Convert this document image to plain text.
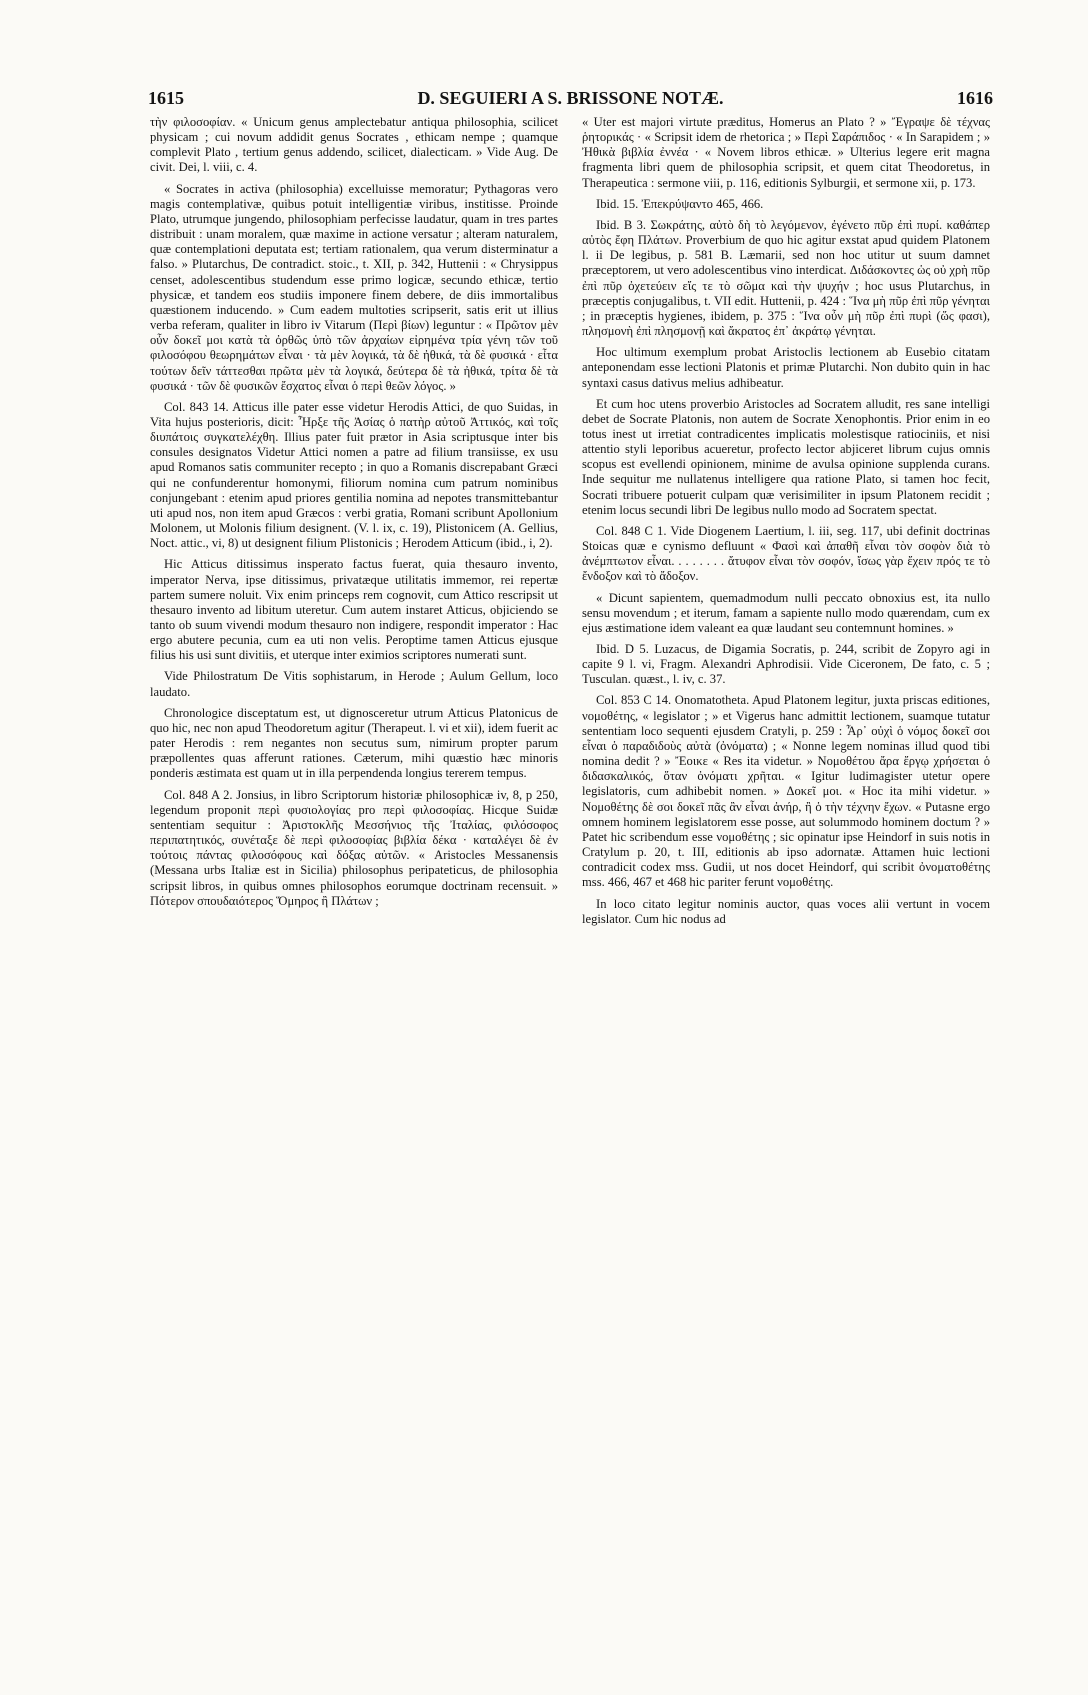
1615	D. SEGUIERI A S. BRISSONE NOTÆ.	1616

τὴν φιλοσοφίαν. « Unicum genus amplectebatur antiqua philosophia, scilicet physicam ; cui novum addidit genus Socrates , ethicam nempe ; quamque complevit Plato , tertium genus addendo, scilicet, dialecticam. » Vide Aug. De civit. Dei, l. viii, c. 4.

« Socrates in activa (philosophia) excelluisse memoratur; Pythagoras vero magis contemplativæ, quibus potuit intelligentiæ viribus, institisse. Proinde Plato, utrumque jungendo, philosophiam perfecisse laudatur, quam in tres partes distribuit : unam moralem, quæ maxime in actione versatur ; alteram naturalem, quæ contemplationi deputata est; tertiam rationalem, qua verum disterminatur a falso. » Plutarchus, De contradict. stoic., t. XII, p. 342, Huttenii : « Chrysippus censet, adolescentibus studendum esse primo logicæ, secundo ethicæ, tertio physicæ, et tandem eos studiis imponere finem debere, de diis immortalibus quæstionem inducendo. » Cum eadem multoties scripserit, satis erit ut illius verba referam, qualiter in libro iv Vitarum (Περὶ βίων) leguntur : « Πρῶτον μὲν οὖν δοκεῖ μοι κατὰ τὰ ὀρθῶς ὑπὸ τῶν ἀρχαίων εἰρημένα τρία γένη τῶν τοῦ φιλοσόφου θεωρημάτων εἶναι · τὰ μὲν λογικά, τὰ δὲ ἠθικά, τὰ δὲ φυσικά · εἶτα τούτων δεῖν τάττεσθαι πρῶτα μὲν τὰ λογικά, δεύτερα δὲ τὰ ἠθικά, τρίτα δὲ τὰ φυσικά · τῶν δὲ φυσικῶν ἔσχατος εἶναι ὁ περὶ θεῶν λόγος. »

Col. 843 14. Atticus ille pater esse videtur Herodis Attici, de quo Suidas, in Vita hujus posterioris, dicit: Ἦρξε τῆς Ἀσίας ὁ πατὴρ αὐτοῦ Ἀττικός, καὶ τοῖς διυπάτοις συγκατελέχθη. Illius pater fuit prætor in Asia scriptusque inter bis consules designatos Videtur Attici nomen a patre ad filium transiisse, ex usu apud Romanos satis communiter recepto ; in quo a Romanis discrepabant Græci qui ne confunderentur homonymi, filiorum nomina cum patrum nominibus conjungebant : etenim apud priores gentilia nomina ad nepotes transmittebantur uti apud nos, non item apud Græcos : verbi gratia, Romani scribunt Apollonium Molonem, ut Molonis filium designent. (V. l. ix, c. 19), Plistonicem (A. Gellius, Noct. attic., vi, 8) ut designent filium Plistonicis ; Herodem Atticum (ibid., i, 2).

Hic Atticus ditissimus insperato factus fuerat, quia thesauro invento, imperator Nerva, ipse ditissimus, privatæque utilitatis immemor, rei repertæ partem sumere noluit. Vix enim princeps rem cognovit, cum Attico rescripsit ut thesauro invento ad libitum uteretur. Cum autem instaret Atticus, objiciendo se tanto ob suum vivendi modum thesauro non indigere, respondit imperator : Hac ergo abutere pecunia, cum ea uti non velis. Peroptime tamen Atticus ejusque filius his usi sunt divitiis, et uterque inter eximios scriptores numerati sunt.

Vide Philostratum De Vitis sophistarum, in Herode ; Aulum Gellum, loco laudato.

Chronologice disceptatum est, ut dignosceretur utrum Atticus Platonicus de quo hic, nec non apud Theodoretum agitur (Therapeut. l. vi et xii), idem fuerit ac pater Herodis : rem negantes non secutus sum, nimirum propter parum præpollentes quas afferunt rationes. Cæterum, mihi quæstio hæc minoris ponderis æstimata est quam ut in illa perpendenda longius tererem tempus.

Col. 848 A 2. Jonsius, in libro Scriptorum historiæ philosophicæ iv, 8, p 250, legendum proponit περὶ φυσιολογίας pro περὶ φιλοσοφίας. Hicque Suidæ sententiam sequitur : Ἀριστοκλῆς Μεσσήνιος τῆς Ἰταλίας, φιλόσοφος περιπατητικός, συνέταξε δὲ περὶ φιλοσοφίας βιβλία δέκα · καταλέγει δὲ ἐν τούτοις πάντας φιλοσόφους καὶ δόξας αὐτῶν. « Aristocles Messanensis (Messana urbs Italiæ est in Sicilia) philosophus peripateticus, de philosophia scripsit libros, in quibus omnes philosophos eorumque doctrinam recensuit. » Πότερον σπουδαιότερος Ὅμηρος ἢ Πλάτων ;

« Uter est majori virtute præditus, Homerus an Plato ? » Ἔγραψε δὲ τέχνας ῥητορικάς · « Scripsit idem de rhetorica ; » Περὶ Σαράπιδος · « In Sarapidem ; » Ἠθικὰ βιβλία ἐννέα · « Novem libros ethicæ. » Ulterius legere erit magna fragmenta libri quem de philosophia scripsit, et quem citat Theodoretus, in Therapeutica : sermone viii, p. 116, editionis Sylburgii, et sermone xii, p. 173.

Ibid. 15. Ἐπεκρύψαντο 465, 466.

Ibid. B 3. Σωκράτης, αὐτὸ δὴ τὸ λεγόμενον, ἐγένετο πῦρ ἐπὶ πυρί. καθάπερ αὐτὸς ἔφη Πλάτων. Proverbium de quo hic agitur exstat apud quidem Platonem l. ii De legibus, p. 581 B. Læmarii, sed non hoc utitur ut suum damnet præceptorem, ut vero adolescentibus vino interdicat. Διδάσκοντες ὡς οὐ χρὴ πῦρ ἐπὶ πῦρ ὀχετεύειν εἴς τε τὸ σῶμα καὶ τὴν ψυχήν ; hoc usus Plutarchus, in præceptis conjugalibus, t. VII edit. Huttenii, p. 424 : Ἵνα μὴ πῦρ ἐπὶ πῦρ γένηται ; in præceptis hygienes, ibidem, p. 375 : Ἵνα οὖν μὴ πῦρ ἐπὶ πυρὶ (ὥς φασι), πλησμονὴ ἐπὶ πλησμονῇ καὶ ἄκρατος ἐπ᾽ ἀκράτῳ γένηται.

Hoc ultimum exemplum probat Aristoclis lectionem ab Eusebio citatam anteponendam esse lectioni Platonis et primæ Plutarchi. Non dubito quin in hac syntaxi casus dativus melius adhibeatur.

Et cum hoc utens proverbio Aristocles ad Socratem alludit, res sane intelligi debet de Socrate Platonis, non autem de Socrate Xenophontis. Prior enim in eo totus inest ut irretiat contradicentes implicatis molestisque ratiociniis, et nisi attentio styli leporibus acueretur, profecto lector abjiceret librum cujus omnis scopus est evellendi opinionem, minime de avulsa opinione supplenda curans. Inde sequitur me nullatenus intelligere qua ratione Plato, si tamen hoc fecit, Socrati tribuere potuerit culpam quæ verisimiliter in ipsum Platonem recidit ; etenim locus secundi libri De legibus nullo modo ad Socratem spectat.

Col. 848 C 1. Vide Diogenem Laertium, l. iii, seg. 117, ubi definit doctrinas Stoicas quæ e cynismo defluunt « Φασὶ καὶ ἀπαθῆ εἶναι τὸν σοφὸν διὰ τὸ ἀνέμπτωτον εἶναι. . . . . . . . ἄτυφον εἶναι τὸν σοφόν, ἴσως γὰρ ἔχειν πρός τε τὸ ἔνδοξον καὶ τὸ ἄδοξον.

« Dicunt sapientem, quemadmodum nulli peccato obnoxius est, ita nullo sensu movendum ; et iterum, famam a sapiente nullo modo quærendam, cum ex ejus æstimatione idem valeant ea quæ laudant seu contemnunt homines. »

Ibid. D 5. Luzacus, de Digamia Socratis, p. 244, scribit de Zopyro agi in capite 9 l. vi, Fragm. Alexandri Aphrodisii. Vide Ciceronem, De fato, c. 5 ; Tusculan. quæst., l. iv, c. 37.

Col. 853 C 14. Onomatotheta. Apud Platonem legitur, juxta priscas editiones, νομοθέτης, « legislator ; » et Vigerus hanc admittit lectionem, suamque tutatur sententiam loco sequenti ejusdem Cratyli, p. 259 : Ἆρ᾽ οὐχὶ ὁ νόμος δοκεῖ σοι εἶναι ὁ παραδιδοὺς αὐτὰ (ὀνόματα) ; « Nonne legem nominas illud quod tibi nomina dedit ? » Ἔοικε « Res ita videtur. » Νομοθέτου ἄρα ἔργῳ χρήσεται ὁ διδασκαλικός, ὅταν ὀνόματι χρῆται. « Igitur ludimagister utetur opere legislatoris, cum adhibebit nomen. » Δοκεῖ μοι. « Hoc ita mihi videtur. » Νομοθέτης δὲ σοι δοκεῖ πᾶς ἂν εἶναι ἀνήρ, ἢ ὁ τὴν τέχνην ἔχων. « Putasne ergo omnem hominem legislatorem esse posse, aut solummodo hominem doctum ? » Patet hic scribendum esse νομοθέτης ; sic opinatur ipse Heindorf in suis notis in Cratylum p. 20, t. III, editionis ab ipso adornatæ. Attamen huic lectioni contradicit codex mss. Gudii, ut nos docet Heindorf, qui scribit ὀνοματοθέτης mss. 466, 467 et 468 hic pariter ferunt νομοθέτης.

In loco citato legitur nominis auctor, quas voces alii vertunt in vocem legislator. Cum hic nodus ad
